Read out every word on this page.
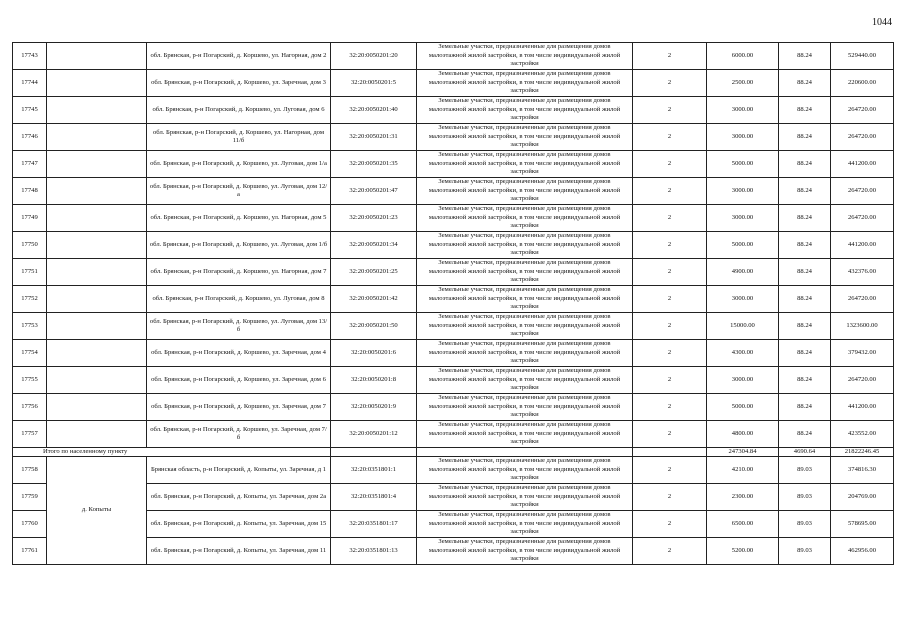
1044
17743		обл. Брянская, р-н Погарский, д. Коршево, ул. Нагорная, дом 2	32:20:0050201:20	Земельные участки, предназначенные для размещения домов малоэтажной жилой застройки, в том числе индивидуальной жилой застройки	2	6000.00	88.24	529440.00
17744		обл. Брянская, р-н Погарский, д. Коршево, ул. Заречная, дом 3	32:20:0050201:5	Земельные участки, предназначенные для размещения домов малоэтажной жилой застройки, в том числе индивидуальной жилой застройки	2	2500.00	88.24	220600.00
17745		обл. Брянская, р-н Погарский, д. Коршево, ул. Луговая, дом 6	32:20:0050201:40	Земельные участки, предназначенные для размещения домов малоэтажной жилой застройки, в том числе индивидуальной жилой застройки	2	3000.00	88.24	264720.00
17746		обл. Брянская, р-н Погарский, д. Коршево, ул. Нагорная, дом 11/б	32:20:0050201:31	Земельные участки, предназначенные для размещения домов малоэтажной жилой застройки, в том числе индивидуальной жилой застройки	2	3000.00	88.24	264720.00
17747		обл. Брянская, р-н Погарский, д. Коршево, ул. Луговая, дом 1/а	32:20:0050201:35	Земельные участки, предназначенные для размещения домов малоэтажной жилой застройки, в том числе индивидуальной жилой застройки	2	5000.00	88.24	441200.00
17748		обл. Брянская, р-н Погарский, д. Коршево, ул. Луговая, дом 12/а	32:20:0050201:47	Земельные участки, предназначенные для размещения домов малоэтажной жилой застройки, в том числе индивидуальной жилой застройки	2	3000.00	88.24	264720.00
17749		обл. Брянская, р-н Погарский, д. Коршево, ул. Нагорная, дом 5	32:20:0050201:23	Земельные участки, предназначенные для размещения домов малоэтажной жилой застройки, в том числе индивидуальной жилой застройки	2	3000.00	88.24	264720.00
17750		обл. Брянская, р-н Погарский, д. Коршево, ул. Луговая, дом 1/б	32:20:0050201:34	Земельные участки, предназначенные для размещения домов малоэтажной жилой застройки, в том числе индивидуальной жилой застройки	2	5000.00	88.24	441200.00
17751		обл. Брянская, р-н Погарский, д. Коршево, ул. Нагорная, дом 7	32:20:0050201:25	Земельные участки, предназначенные для размещения домов малоэтажной жилой застройки, в том числе индивидуальной жилой застройки	2	4900.00	88.24	432376.00
17752		обл. Брянская, р-н Погарский, д. Коршево, ул. Луговая, дом 8	32:20:0050201:42	Земельные участки, предназначенные для размещения домов малоэтажной жилой застройки, в том числе индивидуальной жилой застройки	2	3000.00	88.24	264720.00
17753		обл. Брянская, р-н Погарский, д. Коршево, ул. Луговая, дом 13/б	32:20:0050201:50	Земельные участки, предназначенные для размещения домов малоэтажной жилой застройки, в том числе индивидуальной жилой застройки	2	15000.00	88.24	1323600.00
17754		обл. Брянская, р-н Погарский, д. Коршево, ул. Заречная, дом 4	32:20:0050201:6	Земельные участки, предназначенные для размещения домов малоэтажной жилой застройки, в том числе индивидуальной жилой застройки	2	4300.00	88.24	379432.00
17755		обл. Брянская, р-н Погарский, д. Коршево, ул. Заречная, дом 6	32:20:0050201:8	Земельные участки, предназначенные для размещения домов малоэтажной жилой застройки, в том числе индивидуальной жилой застройки	2	3000.00	88.24	264720.00
17756		обл. Брянская, р-н Погарский, д. Коршево, ул. Заречная, дом 7	32:20:0050201:9	Земельные участки, предназначенные для размещения домов малоэтажной жилой застройки, в том числе индивидуальной жилой застройки	2	5000.00	88.24	441200.00
17757		обл. Брянская, р-н Погарский, д. Коршево, ул. Заречная, дом 7/б	32:20:0050201:12	Земельные участки, предназначенные для размещения домов малоэтажной жилой застройки, в том числе индивидуальной жилой застройки	2	4800.00	88.24	423552.00
Итого по населенному пункту						247304.84	4690.64	21822246.45
17758	д. Копыты	Брянская область, р-н Погарский, д. Копыты, ул. Заречная, д 1	32:20:0351801:1	Земельные участки, предназначенные для размещения домов малоэтажной жилой застройки, в том числе индивидуальной жилой застройки	2	4210.00	89.03	374816.30
17759		обл. Брянская, р-н Погарский, д. Копыты, ул. Заречная, дом 2а	32:20:0351801:4	Земельные участки, предназначенные для размещения домов малоэтажной жилой застройки, в том числе индивидуальной жилой застройки	2	2300.00	89.03	204769.00
17760		обл. Брянская, р-н Погарский, д. Копыты, ул. Заречная, дом 15	32:20:0351801:17	Земельные участки, предназначенные для размещения домов малоэтажной жилой застройки, в том числе индивидуальной жилой застройки	2	6500.00	89.03	578695.00
17761		обл. Брянская, р-н Погарский, д. Копыты, ул. Заречная, дом 11	32:20:0351801:13	Земельные участки, предназначенные для размещения домов малоэтажной жилой застройки, в том числе индивидуальной жилой застройки	2	5200.00	89.03	462956.00
